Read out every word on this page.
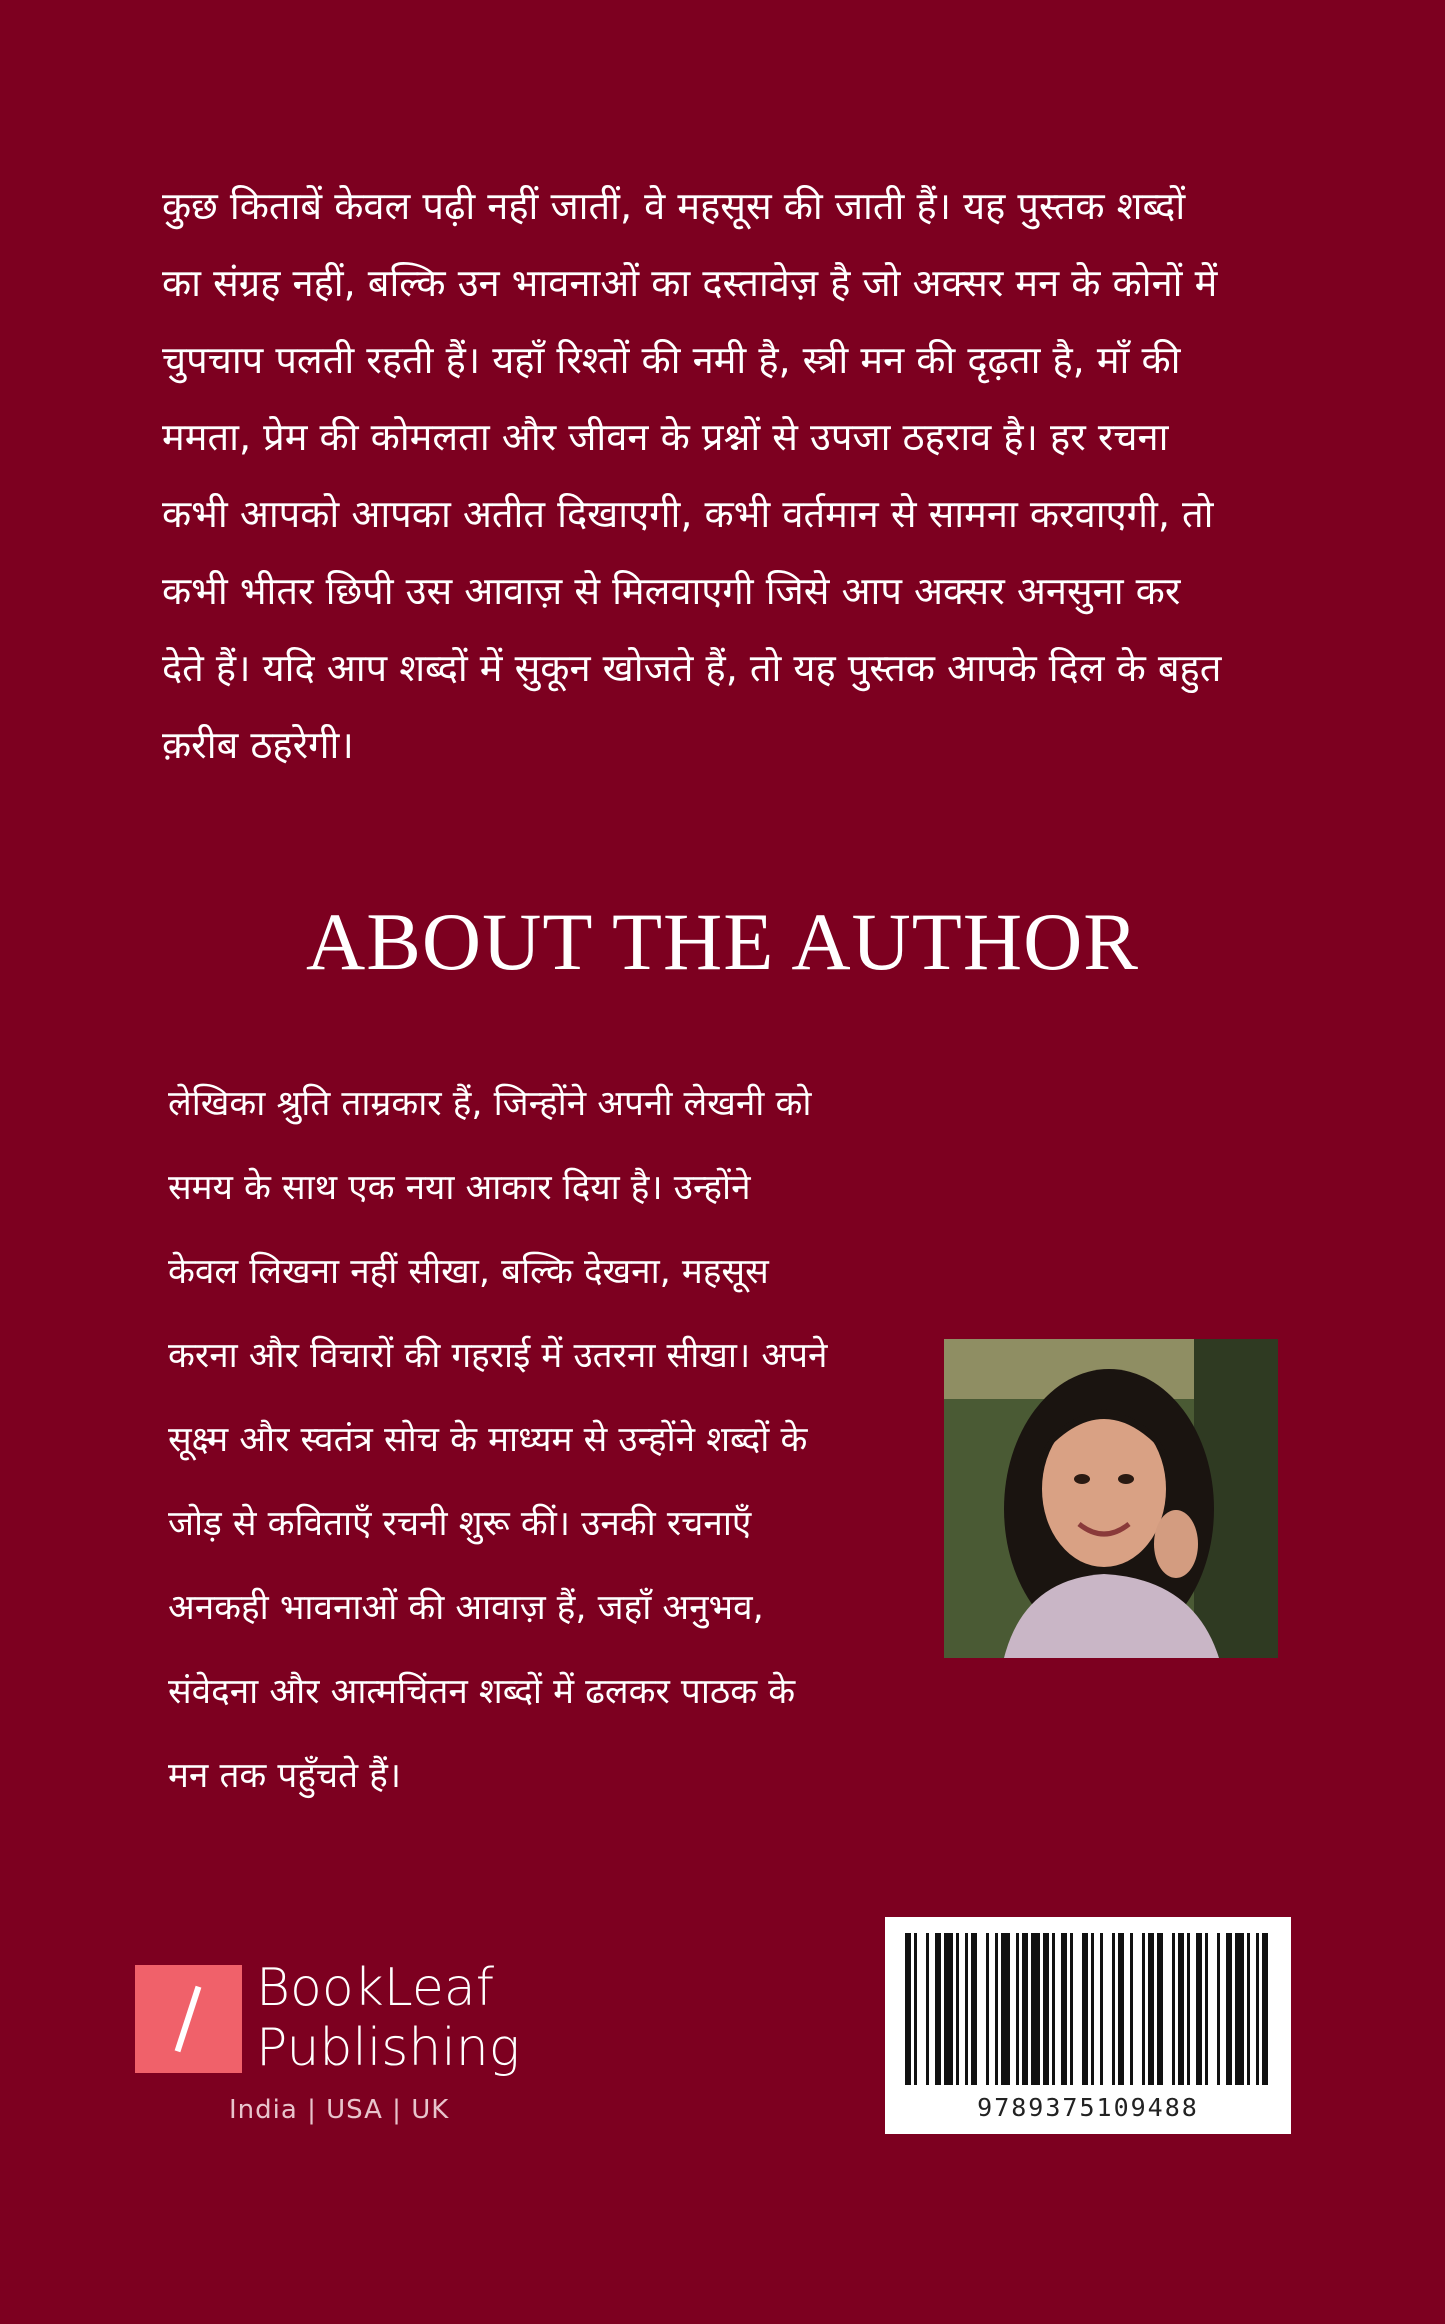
कुछ किताबें केवल पढ़ी नहीं जातीं, वे महसूस की जाती हैं। यह पुस्तक शब्दों का संग्रह नहीं, बल्कि उन भावनाओं का दस्तावेज़ है जो अक्सर मन के कोनों में चुपचाप पलती रहती हैं। यहाँ रिश्तों की नमी है, स्त्री मन की दृढ़ता है, माँ की ममता, प्रेम की कोमलता और जीवन के प्रश्नों से उपजा ठहराव है। हर रचना कभी आपको आपका अतीत दिखाएगी, कभी वर्तमान से सामना करवाएगी, तो कभी भीतर छिपी उस आवाज़ से मिलवाएगी जिसे आप अक्सर अनसुना कर देते हैं। यदि आप शब्दों में सुकून खोजते हैं, तो यह पुस्तक आपके दिल के बहुत क़रीब ठहरेगी।

ABOUT THE AUTHOR

लेखिका श्रुति ताम्रकार हैं, जिन्होंने अपनी लेखनी को समय के साथ एक नया आकार दिया है। उन्होंने केवल लिखना नहीं सीखा, बल्कि देखना, महसूस करना और विचारों की गहराई में उतरना सीखा। अपने सूक्ष्म और स्वतंत्र सोच के माध्यम से उन्होंने शब्दों के जोड़ से कविताएँ रचनी शुरू कीं। उनकी रचनाएँ अनकही भावनाओं की आवाज़ हैं, जहाँ अनुभव, संवेदना और आत्मचिंतन शब्दों में ढलकर पाठक के मन तक पहुँचते हैं।

BookLeaf
Publishing
India | USA | UK	9789375109488
